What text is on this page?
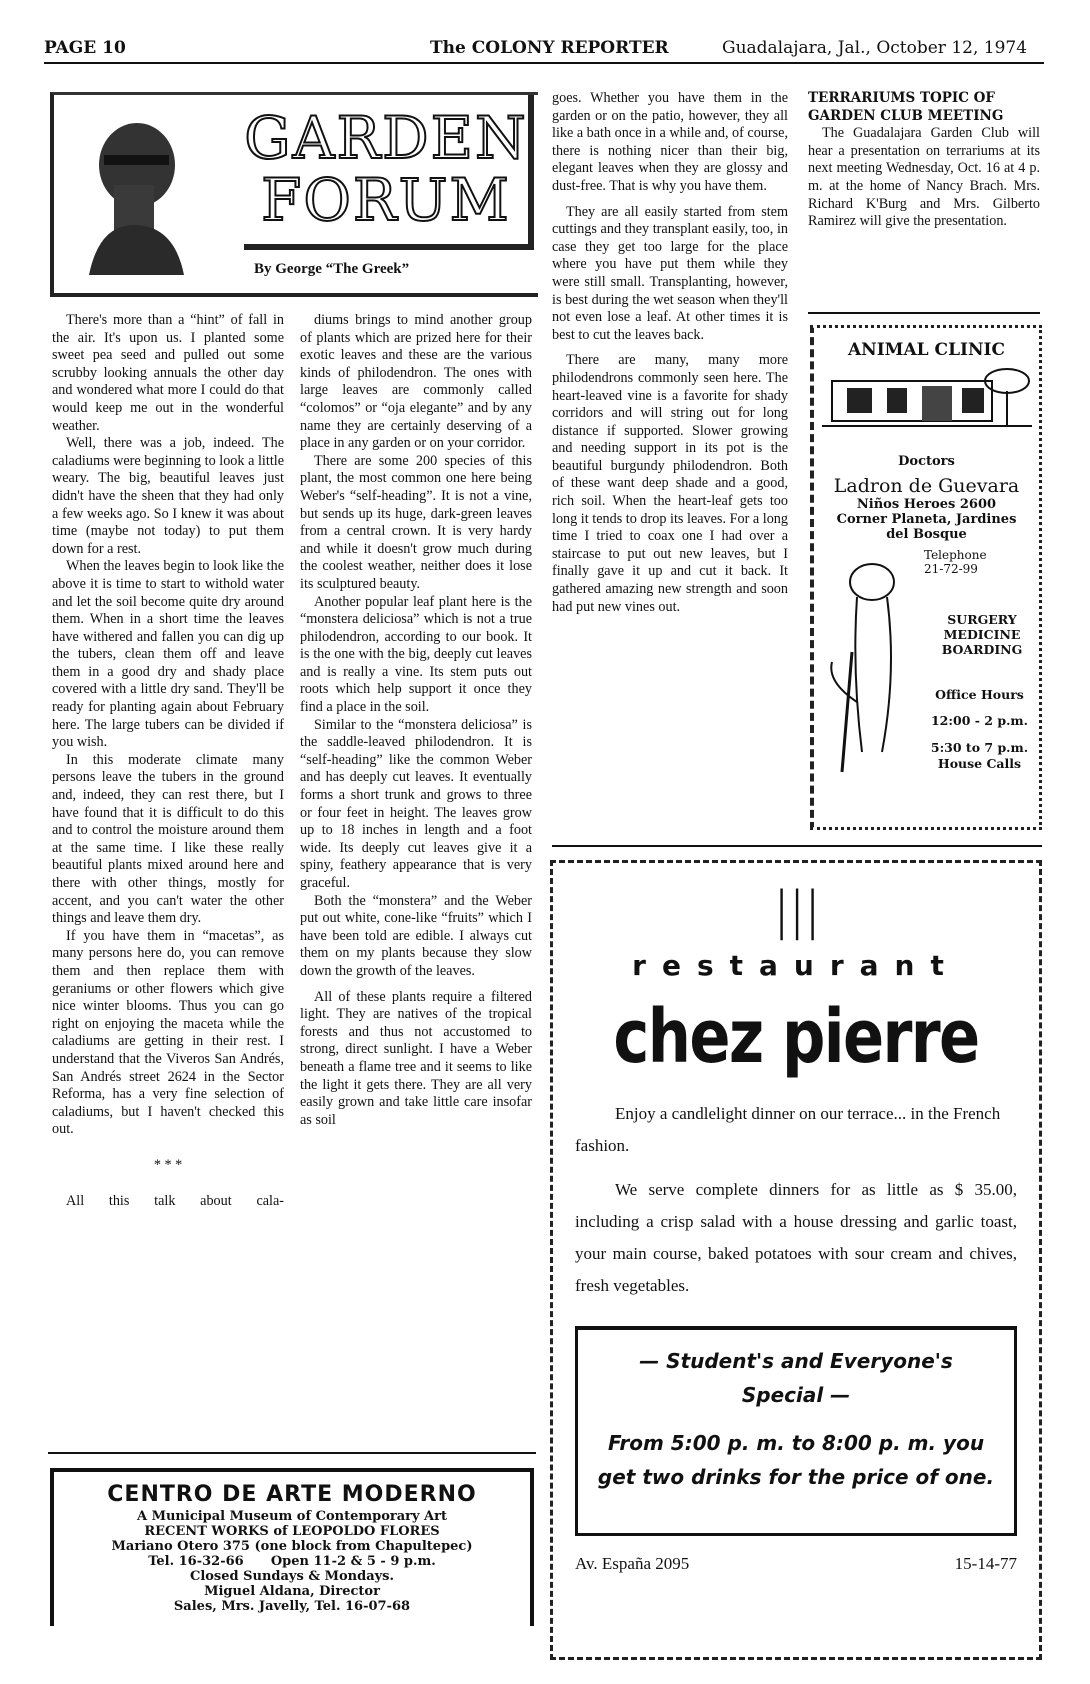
PAGE 10	The COLONY REPORTER	Guadalajara, Jal., October 12, 1974
GARDEN
FORUM
By George “The Greek”

There's more than a “hint” of fall in the air. It's upon us. I planted some sweet pea seed and pulled out some scrubby looking annuals the other day and wondered what more I could do that would keep me out in the wonderful weather.

Well, there was a job, indeed. The caladiums were beginning to look a little weary. The big, beautiful leaves just didn't have the sheen that they had only a few weeks ago. So I knew it was about time (maybe not today) to put them down for a rest.

When the leaves begin to look like the above it is time to start to withold water and let the soil become quite dry around them. When in a short time the leaves have withered and fallen you can dig up the tubers, clean them off and leave them in a good dry and shady place covered with a little dry sand. They'll be ready for planting again about February here. The large tubers can be divided if you wish.

In this moderate climate many persons leave the tubers in the ground and, indeed, they can rest there, but I have found that it is difficult to do this and to control the moisture around them at the same time. I like these really beautiful plants mixed around here and there with other things, mostly for accent, and you can't water the other things and leave them dry.

If you have them in “macetas”, as many persons here do, you can remove them and then replace them with geraniums or other flowers which give nice winter blooms. Thus you can go right on enjoying the maceta while the caladiums are getting in their rest. I understand that the Viveros San Andrés, San Andrés street 2624 in the Sector Reforma, has a very fine selection of caladiums, but I haven't checked this out.

* * *

All this talk about cala-

diums brings to mind another group of plants which are prized here for their exotic leaves and these are the various kinds of philodendron. The ones with large leaves are commonly called “colomos” or “oja elegante” and by any name they are certainly deserving of a place in any garden or on your corridor.

There are some 200 species of this plant, the most common one here being Weber's “self-heading”. It is not a vine, but sends up its huge, dark-green leaves from a central crown. It is very hardy and while it doesn't grow much during the coolest weather, neither does it lose its sculptured beauty.

Another popular leaf plant here is the “monstera deliciosa” which is not a true philodendron, according to our book. It is the one with the big, deeply cut leaves and is really a vine. Its stem puts out roots which help support it once they find a place in the soil.

Similar to the “monstera deliciosa” is the saddle-leaved philodendron. It is “self-heading” like the common Weber and has deeply cut leaves. It eventually forms a short trunk and grows to three or four feet in height. The leaves grow up to 18 inches in length and a foot wide. Its deeply cut leaves give it a spiny, feathery appearance that is very graceful.

Both the “monstera” and the Weber put out white, cone-like “fruits” which I have been told are edible. I always cut them on my plants because they slow down the growth of the leaves.

All of these plants require a filtered light. They are natives of the tropical forests and thus not accustomed to strong, direct sunlight. I have a Weber beneath a flame tree and it seems to like the light it gets there. They are all very easily grown and take little care insofar as soil

goes. Whether you have them in the garden or on the patio, however, they all like a bath once in a while and, of course, there is nothing nicer than their big, elegant leaves when they are glossy and dust-free. That is why you have them.

They are all easily started from stem cuttings and they transplant easily, too, in case they get too large for the place where you have put them while they were still small. Transplanting, however, is best during the wet season when they'll not even lose a leaf. At other times it is best to cut the leaves back.

There are many, many more philodendrons commonly seen here. The heart-leaved vine is a favorite for shady corridors and will string out for long distance if supported. Slower growing and needing support in its pot is the beautiful burgundy philodendron. Both of these want deep shade and a good, rich soil. When the heart-leaf gets too long it tends to drop its leaves. For a long time I tried to coax one I had over a staircase to put out new leaves, but I finally gave it up and cut it back. It gathered amazing new strength and soon had put new vines out.

TERRARIUMS TOPIC OF GARDEN CLUB MEETING

The Guadalajara Garden Club will hear a presentation on terrariums at its next meeting Wednesday, Oct. 16 at 4 p. m. at the home of Nancy Brach. Mrs. Richard K'Burg and Mrs. Gilberto Ramirez will give the presentation.

ANIMAL CLINIC
Doctors
Ladron de Guevara
Niños Heroes 2600
Corner Planeta, Jardines del Bosque
Telephone
21-72-99
SURGERY
MEDICINE
BOARDING
Office Hours
12:00 - 2 p.m.
5:30 to 7 p.m.
House Calls
|||
restaurant
chez pierre
Enjoy a candlelight dinner on our terrace... in the French fashion.
We serve complete dinners for as little as $ 35.00, including a crisp salad with a house dressing and garlic toast, your main course, baked potatoes with sour cream and chives, fresh vegetables.
— Student's and Everyone's Special —
From 5:00 p. m. to 8:00 p. m. you get two drinks for the price of one.
Av. España 2095	15-14-77
CENTRO DE ARTE MODERNO
A Municipal Museum of Contemporary Art
RECENT WORKS of LEOPOLDO FLORES
Mariano Otero 375 (one block from Chapultepec)
Tel. 16-32-66      Open 11-2 & 5 - 9 p.m.
Closed Sundays & Mondays.
Miguel Aldana, Director
Sales, Mrs. Javelly, Tel. 16-07-68
